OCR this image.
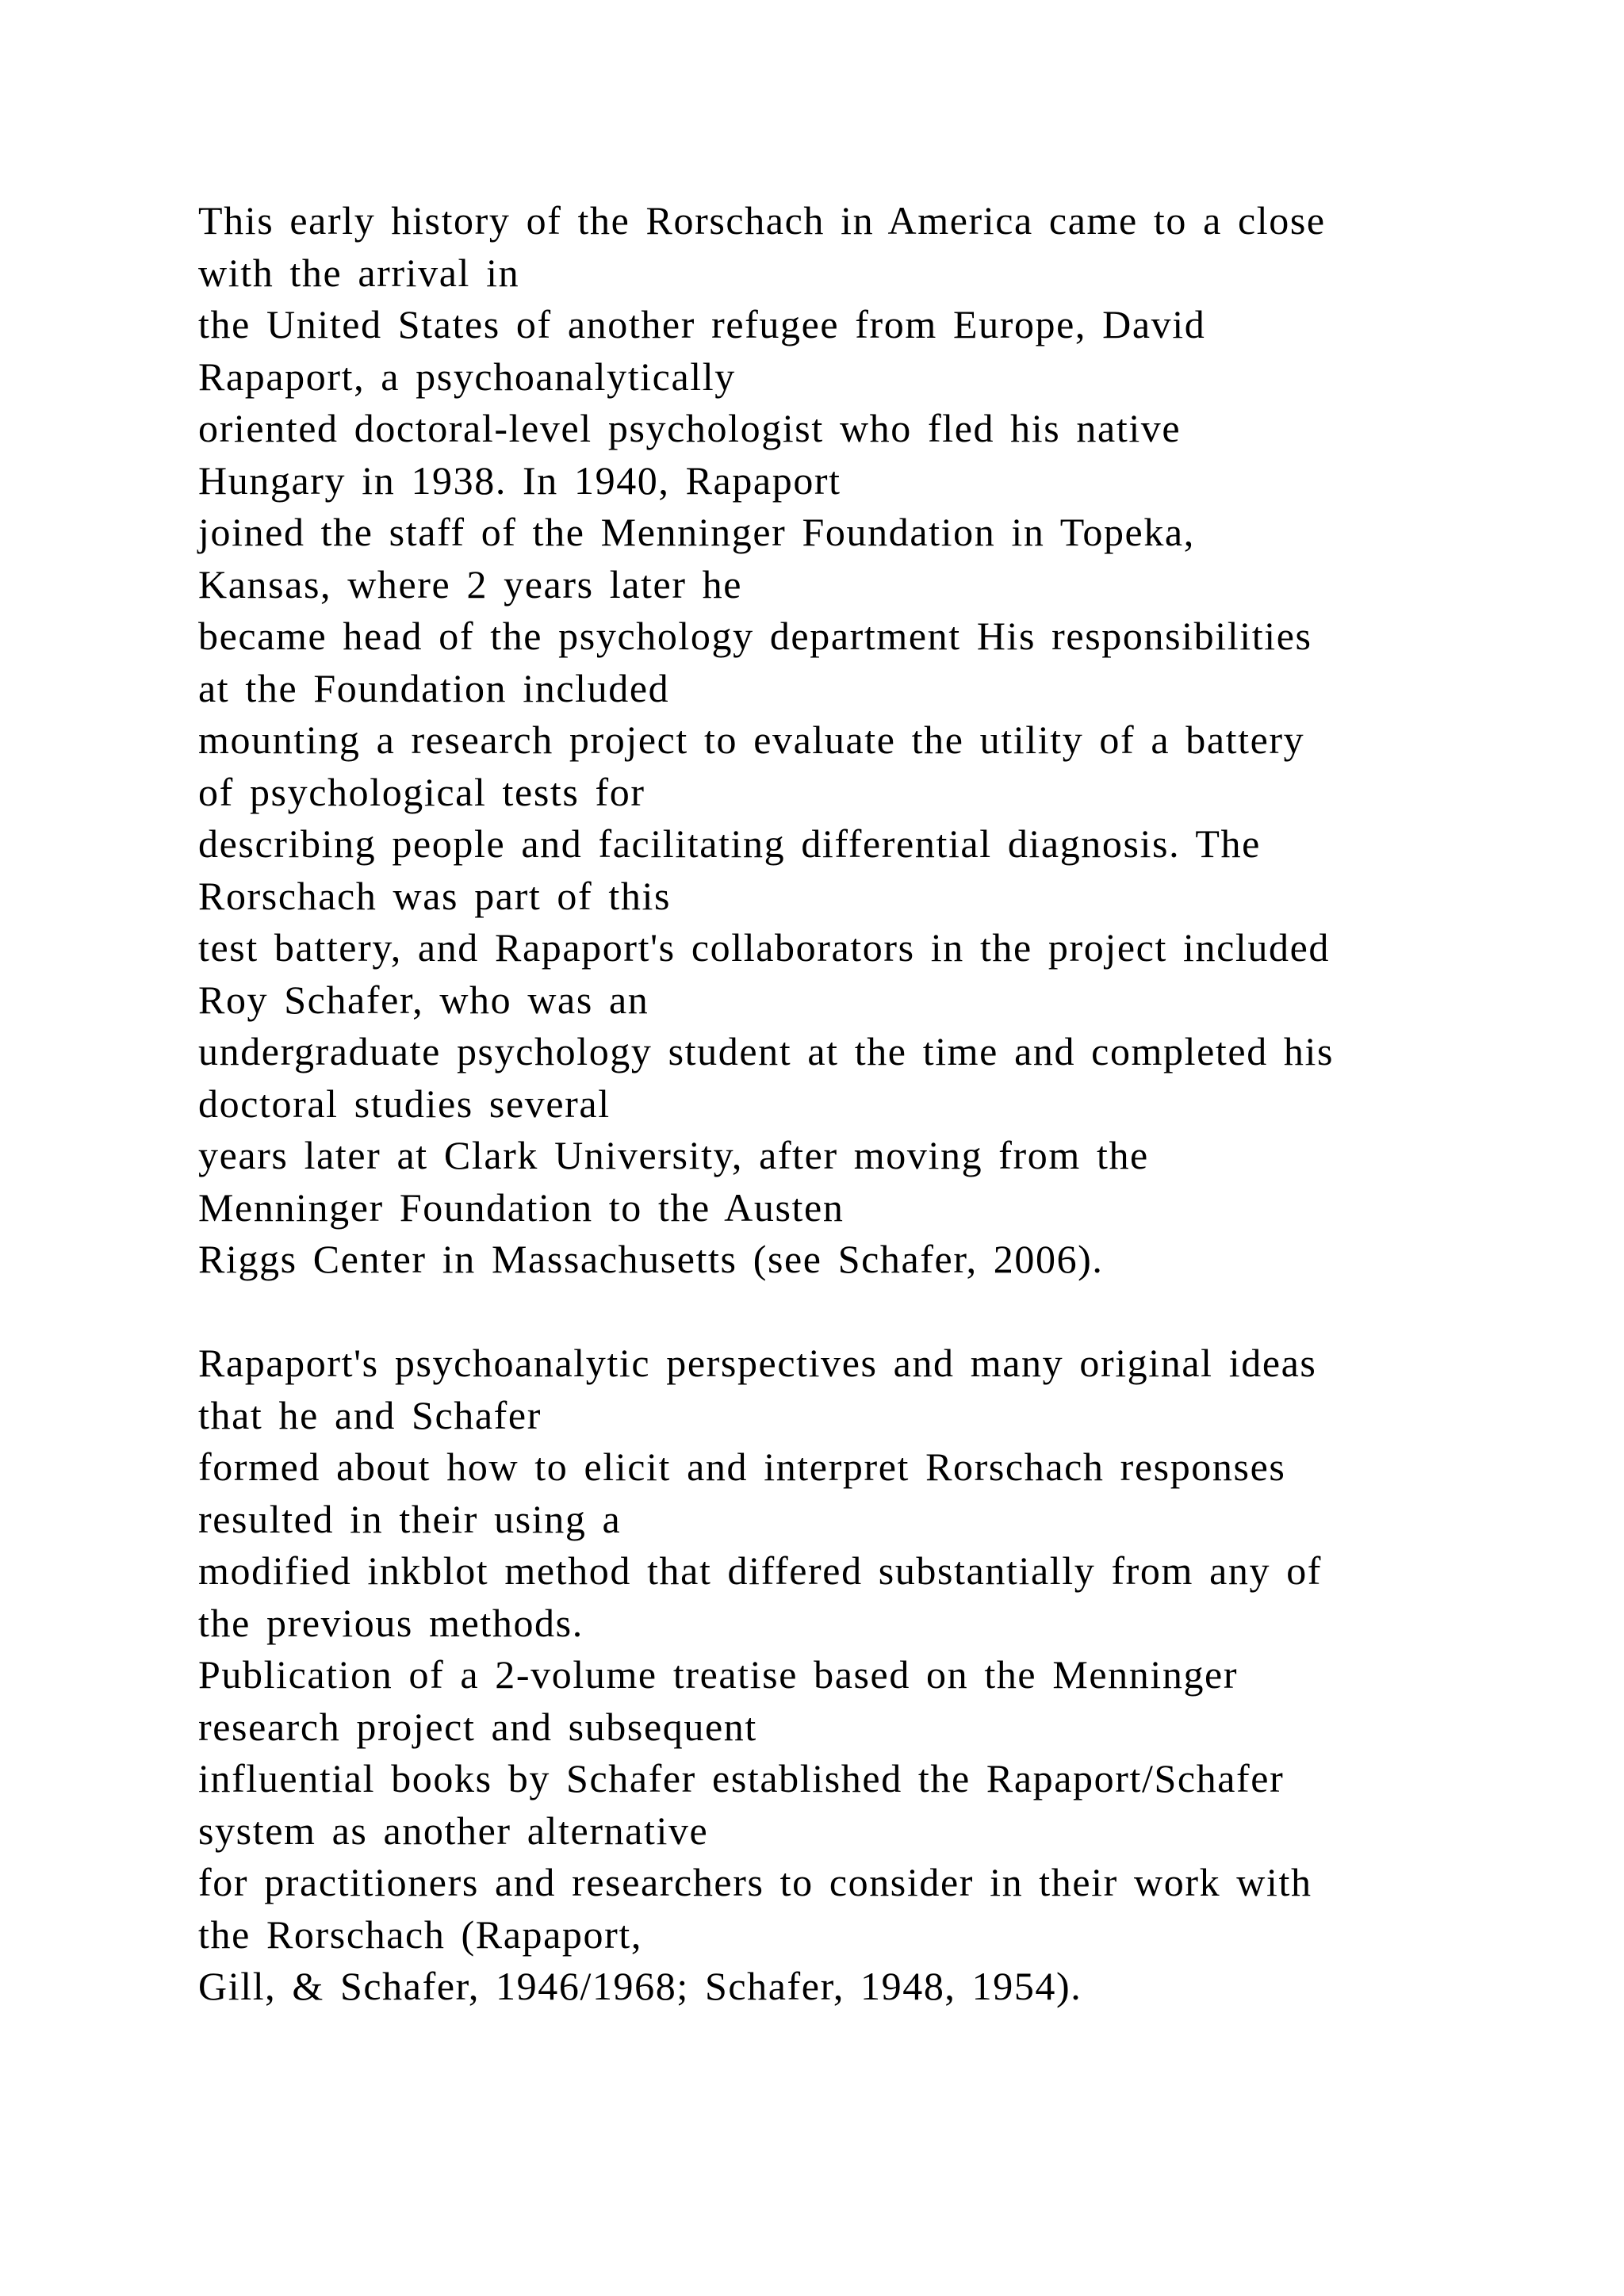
This early history of the Rorschach in America came to a close
with the arrival in
the United States of another refugee from Europe, David
Rapaport, a psychoanalytically
oriented doctoral-level psychologist who fled his native
Hungary in 1938. In 1940, Rapaport
joined the staff of the Menninger Foundation in Topeka,
Kansas, where 2 years later he
became head of the psychology department His responsibilities
at the Foundation included
mounting a research project to evaluate the utility of a battery
of psychological tests for
describing people and facilitating differential diagnosis. The
Rorschach was part of this
test battery, and Rapaport's collaborators in the project included
Roy Schafer, who was an
undergraduate psychology student at the time and completed his
doctoral studies several
years later at Clark University, after moving from the
Menninger Foundation to the Austen
Riggs Center in Massachusetts (see Schafer, 2006).
Rapaport's psychoanalytic perspectives and many original ideas
that he and Schafer
formed about how to elicit and interpret Rorschach responses
resulted in their using a
modified inkblot method that differed substantially from any of
the previous methods.
Publication of a 2-volume treatise based on the Menninger
research project and subsequent
influential books by Schafer established the Rapaport/Schafer
system as another alternative
for practitioners and researchers to consider in their work with
the Rorschach (Rapaport,
Gill, & Schafer, 1946/1968; Schafer, 1948, 1954).
